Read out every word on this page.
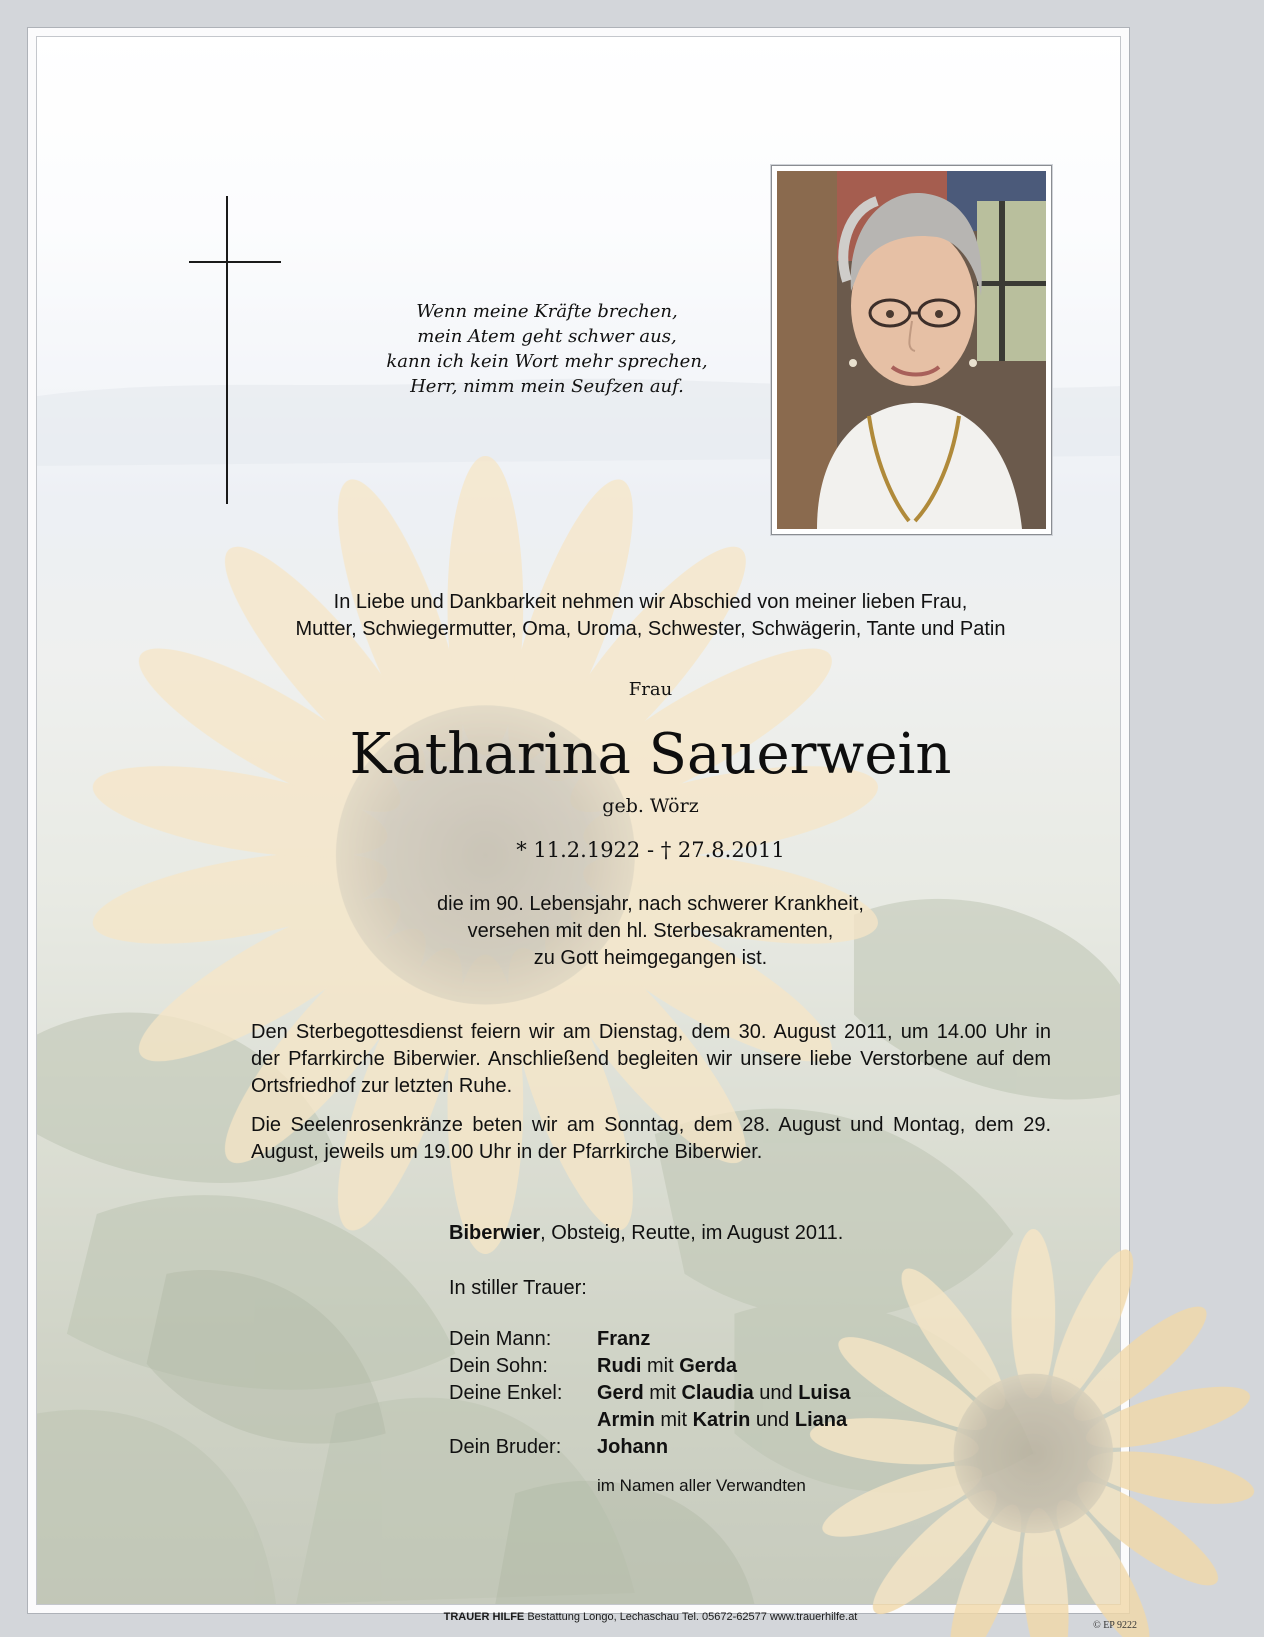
Wenn meine Kräfte brechen,
mein Atem geht schwer aus,
kann ich kein Wort mehr sprechen,
Herr, nimm mein Seufzen auf.
In Liebe und Dankbarkeit nehmen wir Abschied von meiner lieben Frau,
Mutter, Schwiegermutter, Oma, Uroma, Schwester, Schwägerin, Tante und Patin
Frau
Katharina Sauerwein
geb. Wörz
* 11.2.1922 - † 27.8.2011
die im 90. Lebensjahr, nach schwerer Krankheit,
versehen mit den hl. Sterbesakramenten,
zu Gott heimgegangen ist.
Den Sterbegottesdienst feiern wir am Dienstag, dem 30. August 2011, um 14.00 Uhr in der Pfarrkirche Biberwier. Anschließend begleiten wir unsere liebe Verstorbene auf dem Ortsfriedhof zur letzten Ruhe.
Die Seelenrosenkränze beten wir am Sonntag, dem 28. August und Montag, dem 29. August, jeweils um 19.00 Uhr in der Pfarrkirche Biberwier.
Biberwier, Obsteig, Reutte, im August 2011.
In stiller Trauer:
Dein Mann:	Franz
Dein Sohn:	Rudi mit Gerda
Deine Enkel:	Gerd mit Claudia und Luisa
Armin mit Katrin und Liana
Dein Bruder:	Johann
im Namen aller Verwandten
TRAUER HILFE Bestattung Longo, Lechaschau Tel. 05672-62577 www.trauerhilfe.at
© EP 9222
